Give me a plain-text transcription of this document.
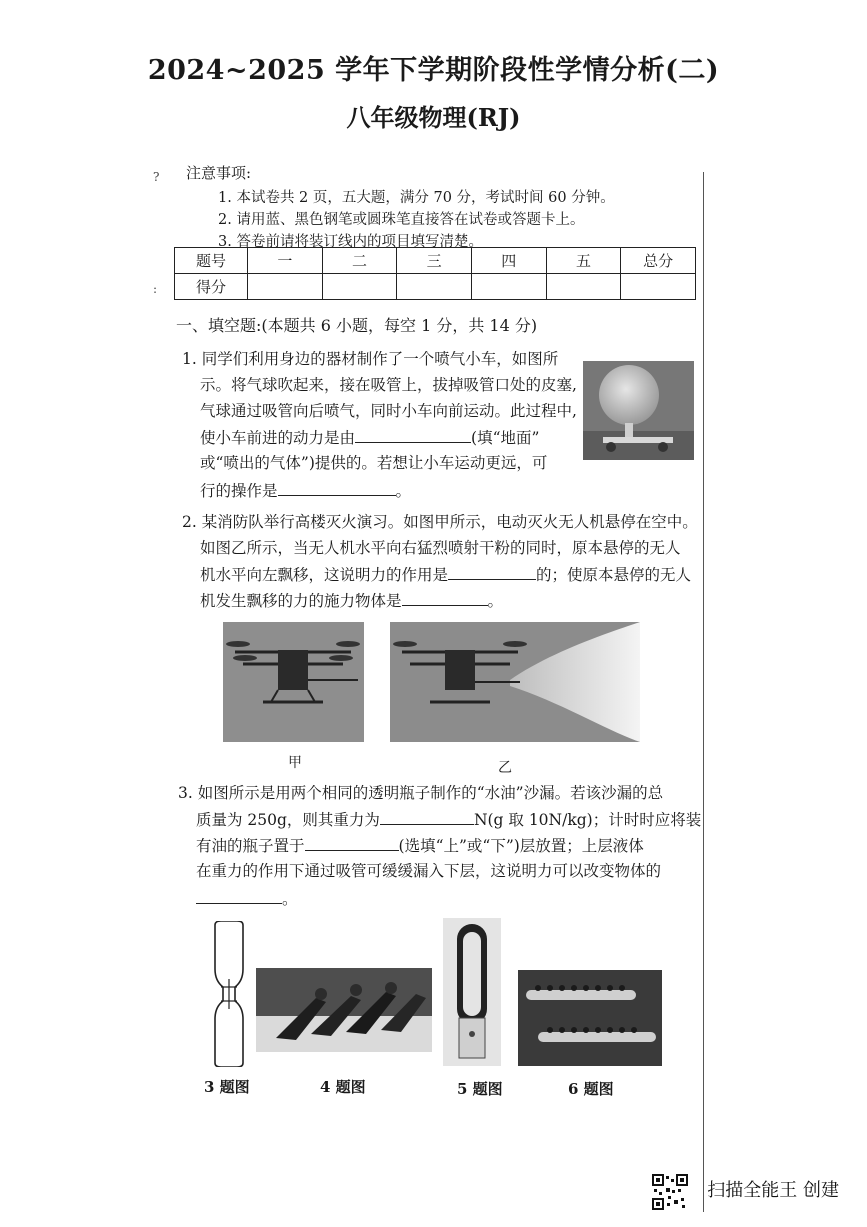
2024~2025 学年下学期阶段性学情分析(二)
八年级物理(RJ)
?
:
注意事项:
1. 本试卷共 2 页，五大题，满分 70 分，考试时间 60 分钟。
2. 请用蓝、黑色钢笔或圆珠笔直接答在试卷或答题卡上。
3. 答卷前请将装订线内的项目填写清楚。
题号	一	二	三	四	五	总分
得分						
一、填空题:(本题共 6 小题，每空 1 分，共 14 分)
1. 同学们利用身边的器材制作了一个喷气小车，如图所
示。将气球吹起来，接在吸管上，拔掉吸管口处的皮塞,
气球通过吸管向后喷气，同时小车向前运动。此过程中,
使小车前进的动力是由	(填“地面”
或“喷出的气体”)提供的。若想让小车运动更远，可
行的操作是	。
2. 某消防队举行高楼灭火演习。如图甲所示，电动灭火无人机悬停在空中。
如图乙所示，当无人机水平向右猛烈喷射干粉的同时，原本悬停的无人
机水平向左飘移，这说明力的作用是	的；使原本悬停的无人
机发生飘移的力的施力物体是	。
甲	乙
3. 如图所示是用两个相同的透明瓶子制作的“水油”沙漏。若该沙漏的总
质量为 250g，则其重力为	N(g 取 10N/kg)；计时时应将装
有油的瓶子置于	(选填“上”或“下”)层放置；上层液体
在重力的作用下通过吸管可缓缓漏入下层，这说明力可以改变物体的
。
3 题图	4 题图	5 题图	6 题图
扫描全能王 创建
